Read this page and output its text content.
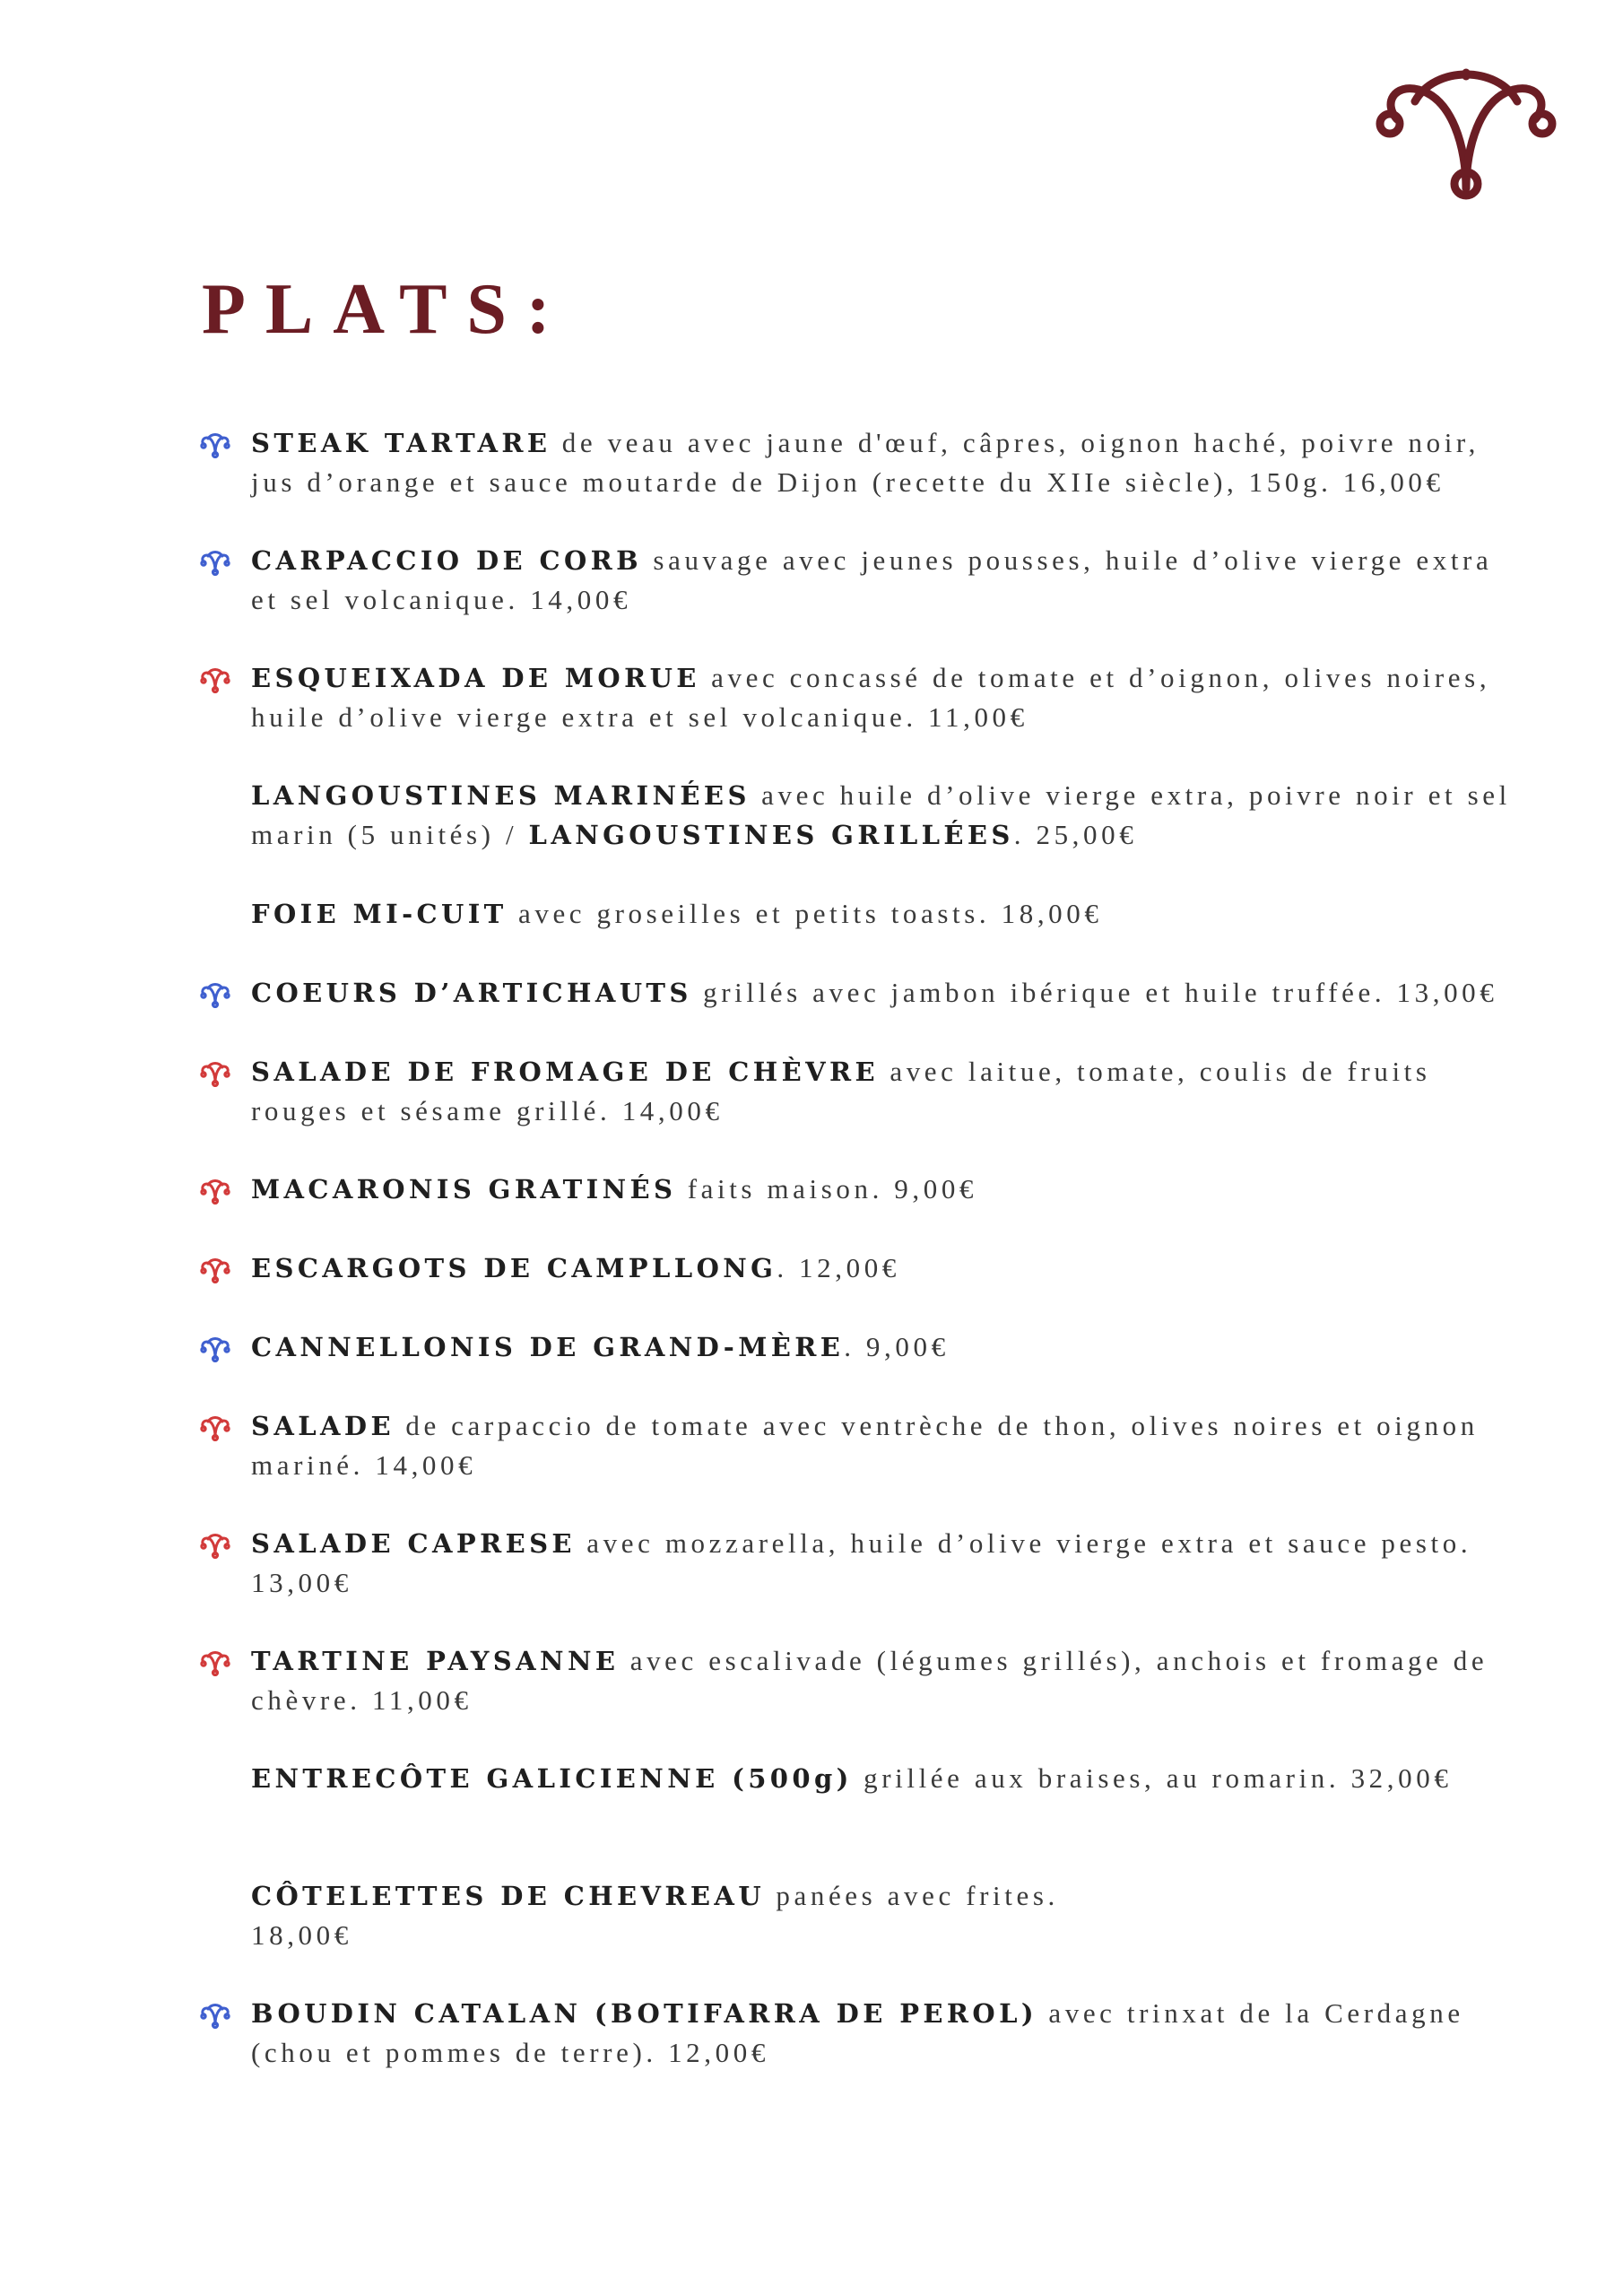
PLATS:
STEAK TARTARE de veau avec jaune d'œuf, câpres, oignon haché, poivre noir, jus d’orange et sauce moutarde de Dijon (recette du XIIe siècle), 150g. 16,00€
CARPACCIO DE CORB sauvage avec jeunes pousses, huile d’olive vierge extra et sel volcanique. 14,00€
ESQUEIXADA DE MORUE avec concassé de tomate et d’oignon, olives noires, huile d’olive vierge extra et sel volcanique. 11,00€
LANGOUSTINES MARINÉES avec huile d’olive vierge extra, poivre noir et sel marin (5 unités) / LANGOUSTINES GRILLÉES. 25,00€
FOIE MI-CUIT avec groseilles et petits toasts. 18,00€
COEURS D’ARTICHAUTS grillés avec jambon ibérique et huile truffée. 13,00€
SALADE DE FROMAGE DE CHÈVRE avec laitue, tomate, coulis de fruits rouges et sésame grillé. 14,00€
MACARONIS GRATINÉS faits maison. 9,00€
ESCARGOTS DE CAMPLLONG. 12,00€
CANNELLONIS DE GRAND-MÈRE. 9,00€
SALADE de carpaccio de tomate avec ventrèche de thon, olives noires et oignon mariné. 14,00€
SALADE CAPRESE avec mozzarella, huile d’olive vierge extra et sauce pesto. 13,00€
TARTINE PAYSANNE avec escalivade (légumes grillés), anchois et fromage de chèvre. 11,00€
ENTRECÔTE GALICIENNE (500g) grillée aux braises, au romarin. 32,00€

CÔTELETTES DE CHEVREAU panées avec frites.
18,00€

BOUDIN CATALAN (BOTIFARRA DE PEROL) avec trinxat de la Cerdagne (chou et pommes de terre). 12,00€
